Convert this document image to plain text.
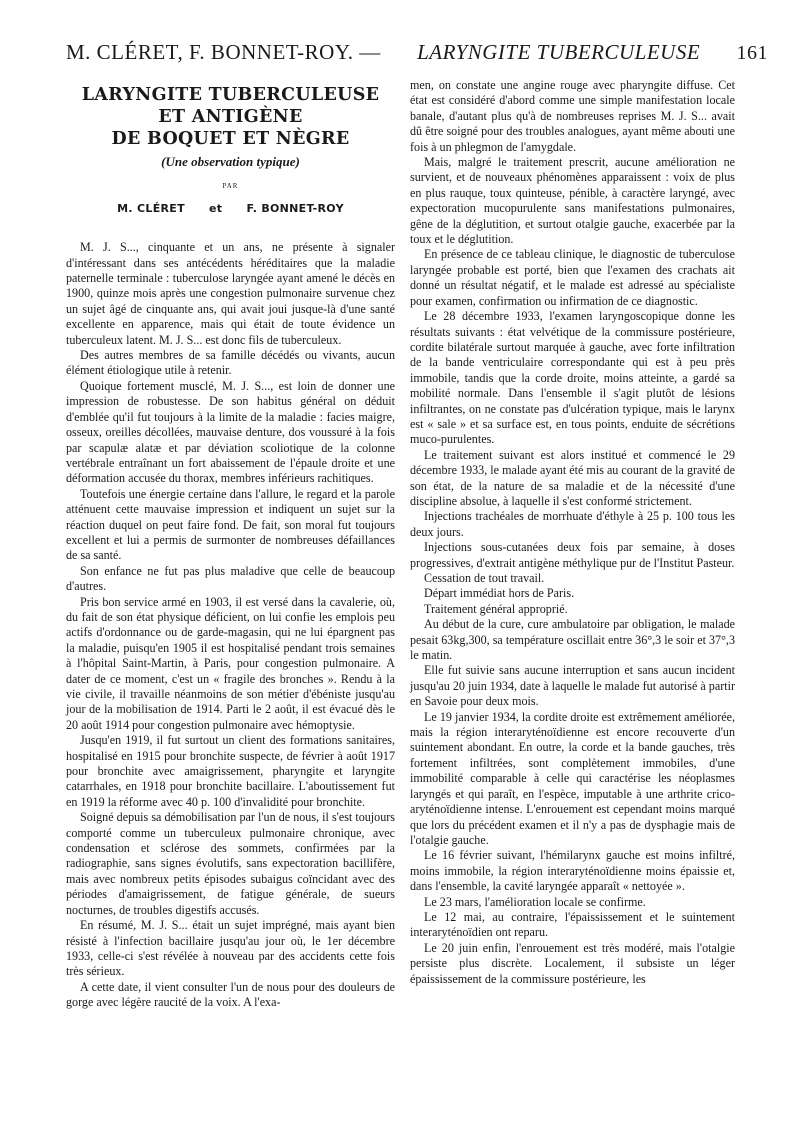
M. CLÉRET, F. BONNET-ROY. — LARYNGITE TUBERCULEUSE 161
LARYNGITE TUBERCULEUSE
ET ANTIGÈNE
DE BOQUET ET NÈGRE
(Une observation typique)
PAR
M. CLÉRET et F. BONNET-ROY

M. J. S..., cinquante et un ans, ne présente à signaler d'intéressant dans ses antécédents héréditaires que la maladie paternelle terminale : tuberculose laryngée ayant amené le décès en 1900, quinze mois après une congestion pulmonaire survenue chez un sujet âgé de cinquante ans, qui avait joui jusque-là d'une santé excellente en apparence, mais qui était de toute évidence un tuberculeux latent. M. J. S... est donc fils de tuberculeux.

Des autres membres de sa famille décédés ou vivants, aucun élément étiologique utile à retenir.

Quoique fortement musclé, M. J. S..., est loin de donner une impression de robustesse. De son habitus général on déduit d'emblée qu'il fut toujours à la limite de la maladie : facies maigre, osseux, oreilles décollées, mauvaise denture, dos voussuré à la fois par scapulæ alatæ et par déviation scoliotique de la colonne vertébrale entraînant un fort abaissement de l'épaule droite et une déformation accusée du thorax, membres inférieurs rachitiques.

Toutefois une énergie certaine dans l'allure, le regard et la parole atténuent cette mauvaise impression et indiquent un sujet sur la réaction duquel on peut faire fond. De fait, son moral fut toujours excellent et lui a permis de surmonter de nombreuses défaillances de sa santé.

Son enfance ne fut pas plus maladive que celle de beaucoup d'autres.

Pris bon service armé en 1903, il est versé dans la cavalerie, où, du fait de son état physique déficient, on lui confie les emplois peu actifs d'ordonnance ou de garde-magasin, qui ne lui épargnent pas la maladie, puisqu'en 1905 il est hospitalisé pendant trois semaines à l'hôpital Saint-Martin, à Paris, pour congestion pulmonaire. A dater de ce moment, c'est un « fragile des bronches ». Rendu à la vie civile, il travaille néanmoins de son métier d'ébéniste jusqu'au jour de la mobilisation de 1914. Parti le 2 août, il est évacué dès le 20 août 1914 pour congestion pulmonaire avec hémoptysie.

Jusqu'en 1919, il fut surtout un client des formations sanitaires, hospitalisé en 1915 pour bronchite suspecte, de février à août 1917 pour bronchite avec amaigrissement, pharyngite et laryngite catarrhales, en 1918 pour bronchite bacillaire. L'aboutissement fut en 1919 la réforme avec 40 p. 100 d'invalidité pour bronchite.

Soigné depuis sa démobilisation par l'un de nous, il s'est toujours comporté comme un tuberculeux pulmonaire chronique, avec condensation et sclérose des sommets, confirmées par la radiographie, sans signes évolutifs, sans expectoration bacillifère, mais avec nombreux petits épisodes subaigus coïncidant avec des périodes d'amaigrissement, de fatigue générale, de sueurs nocturnes, de troubles digestifs accusés.

En résumé, M. J. S... était un sujet imprégné, mais ayant bien résisté à l'infection bacillaire jusqu'au jour où, le 1er décembre 1933, celle-ci s'est révélée à nouveau par des accidents cette fois très sérieux.

A cette date, il vient consulter l'un de nous pour des douleurs de gorge avec légère raucité de la voix. A l'exa-

men, on constate une angine rouge avec pharyngite diffuse. Cet état est considéré d'abord comme une simple manifestation locale banale, d'autant plus qu'à de nombreuses reprises M. J. S... avait dû être soigné pour des troubles analogues, ayant même abouti une fois à un phlegmon de l'amygdale.

Mais, malgré le traitement prescrit, aucune amélioration ne survient, et de nouveaux phénomènes apparaissent : voix de plus en plus rauque, toux quinteuse, pénible, à caractère laryngé, avec expectoration mucopurulente sans manifestations pulmonaires, gêne de la déglutition, et surtout otalgie gauche, exacerbée par la toux et le déglutition.

En présence de ce tableau clinique, le diagnostic de tuberculose laryngée probable est porté, bien que l'examen des crachats ait donné un résultat négatif, et le malade est adressé au spécialiste pour examen, confirmation ou infirmation de ce diagnostic.

Le 28 décembre 1933, l'examen laryngoscopique donne les résultats suivants : état velvétique de la commissure postérieure, cordite bilatérale surtout marquée à gauche, avec forte infiltration de la bande ventriculaire correspondante qui est à peu près immobile, tandis que la corde droite, moins atteinte, a gardé sa mobilité normale. Dans l'ensemble il s'agit plutôt de lésions infiltrantes, on ne constate pas d'ulcération typique, mais le larynx est « sale » et sa surface est, en tous points, enduite de sécrétions muco-purulentes.

Le traitement suivant est alors institué et commencé le 29 décembre 1933, le malade ayant été mis au courant de la gravité de son état, de la nature de sa maladie et de la nécessité d'une discipline absolue, à laquelle il s'est conformé strictement.

Injections trachéales de morrhuate d'éthyle à 25 p. 100 tous les deux jours.

Injections sous-cutanées deux fois par semaine, à doses progressives, d'extrait antigène méthylique pur de l'Institut Pasteur.

Cessation de tout travail.

Départ immédiat hors de Paris.

Traitement général approprié.

Au début de la cure, cure ambulatoire par obligation, le malade pesait 63kg,300, sa température oscillait entre 36°,3 le soir et 37°,3 le matin.

Elle fut suivie sans aucune interruption et sans aucun incident jusqu'au 20 juin 1934, date à laquelle le malade fut autorisé à partir en Savoie pour deux mois.

Le 19 janvier 1934, la cordite droite est extrêmement améliorée, mais la région interaryténoïdienne est encore recouverte d'un suintement abondant. En outre, la corde et la bande gauches, très fortement infiltrées, sont complètement immobiles, d'une immobilité comparable à celle qui caractérise les néoplasmes laryngés et qui paraît, en l'espèce, imputable à une arthrite crico-aryténoïdienne intense. L'enrouement est cependant moins marqué que lors du précédent examen et il n'y a pas de dysphagie mais de l'otalgie gauche.

Le 16 février suivant, l'hémilarynx gauche est moins infiltré, moins immobile, la région interaryténoïdienne moins épaissie et, dans l'ensemble, la cavité laryngée apparaît « nettoyée ».

Le 23 mars, l'amélioration locale se confirme.

Le 12 mai, au contraire, l'épaississement et le suintement interaryténoïdien ont reparu.

Le 20 juin enfin, l'enrouement est très modéré, mais l'otalgie persiste plus discrète. Localement, il subsiste un léger épaississement de la commissure postérieure, les
